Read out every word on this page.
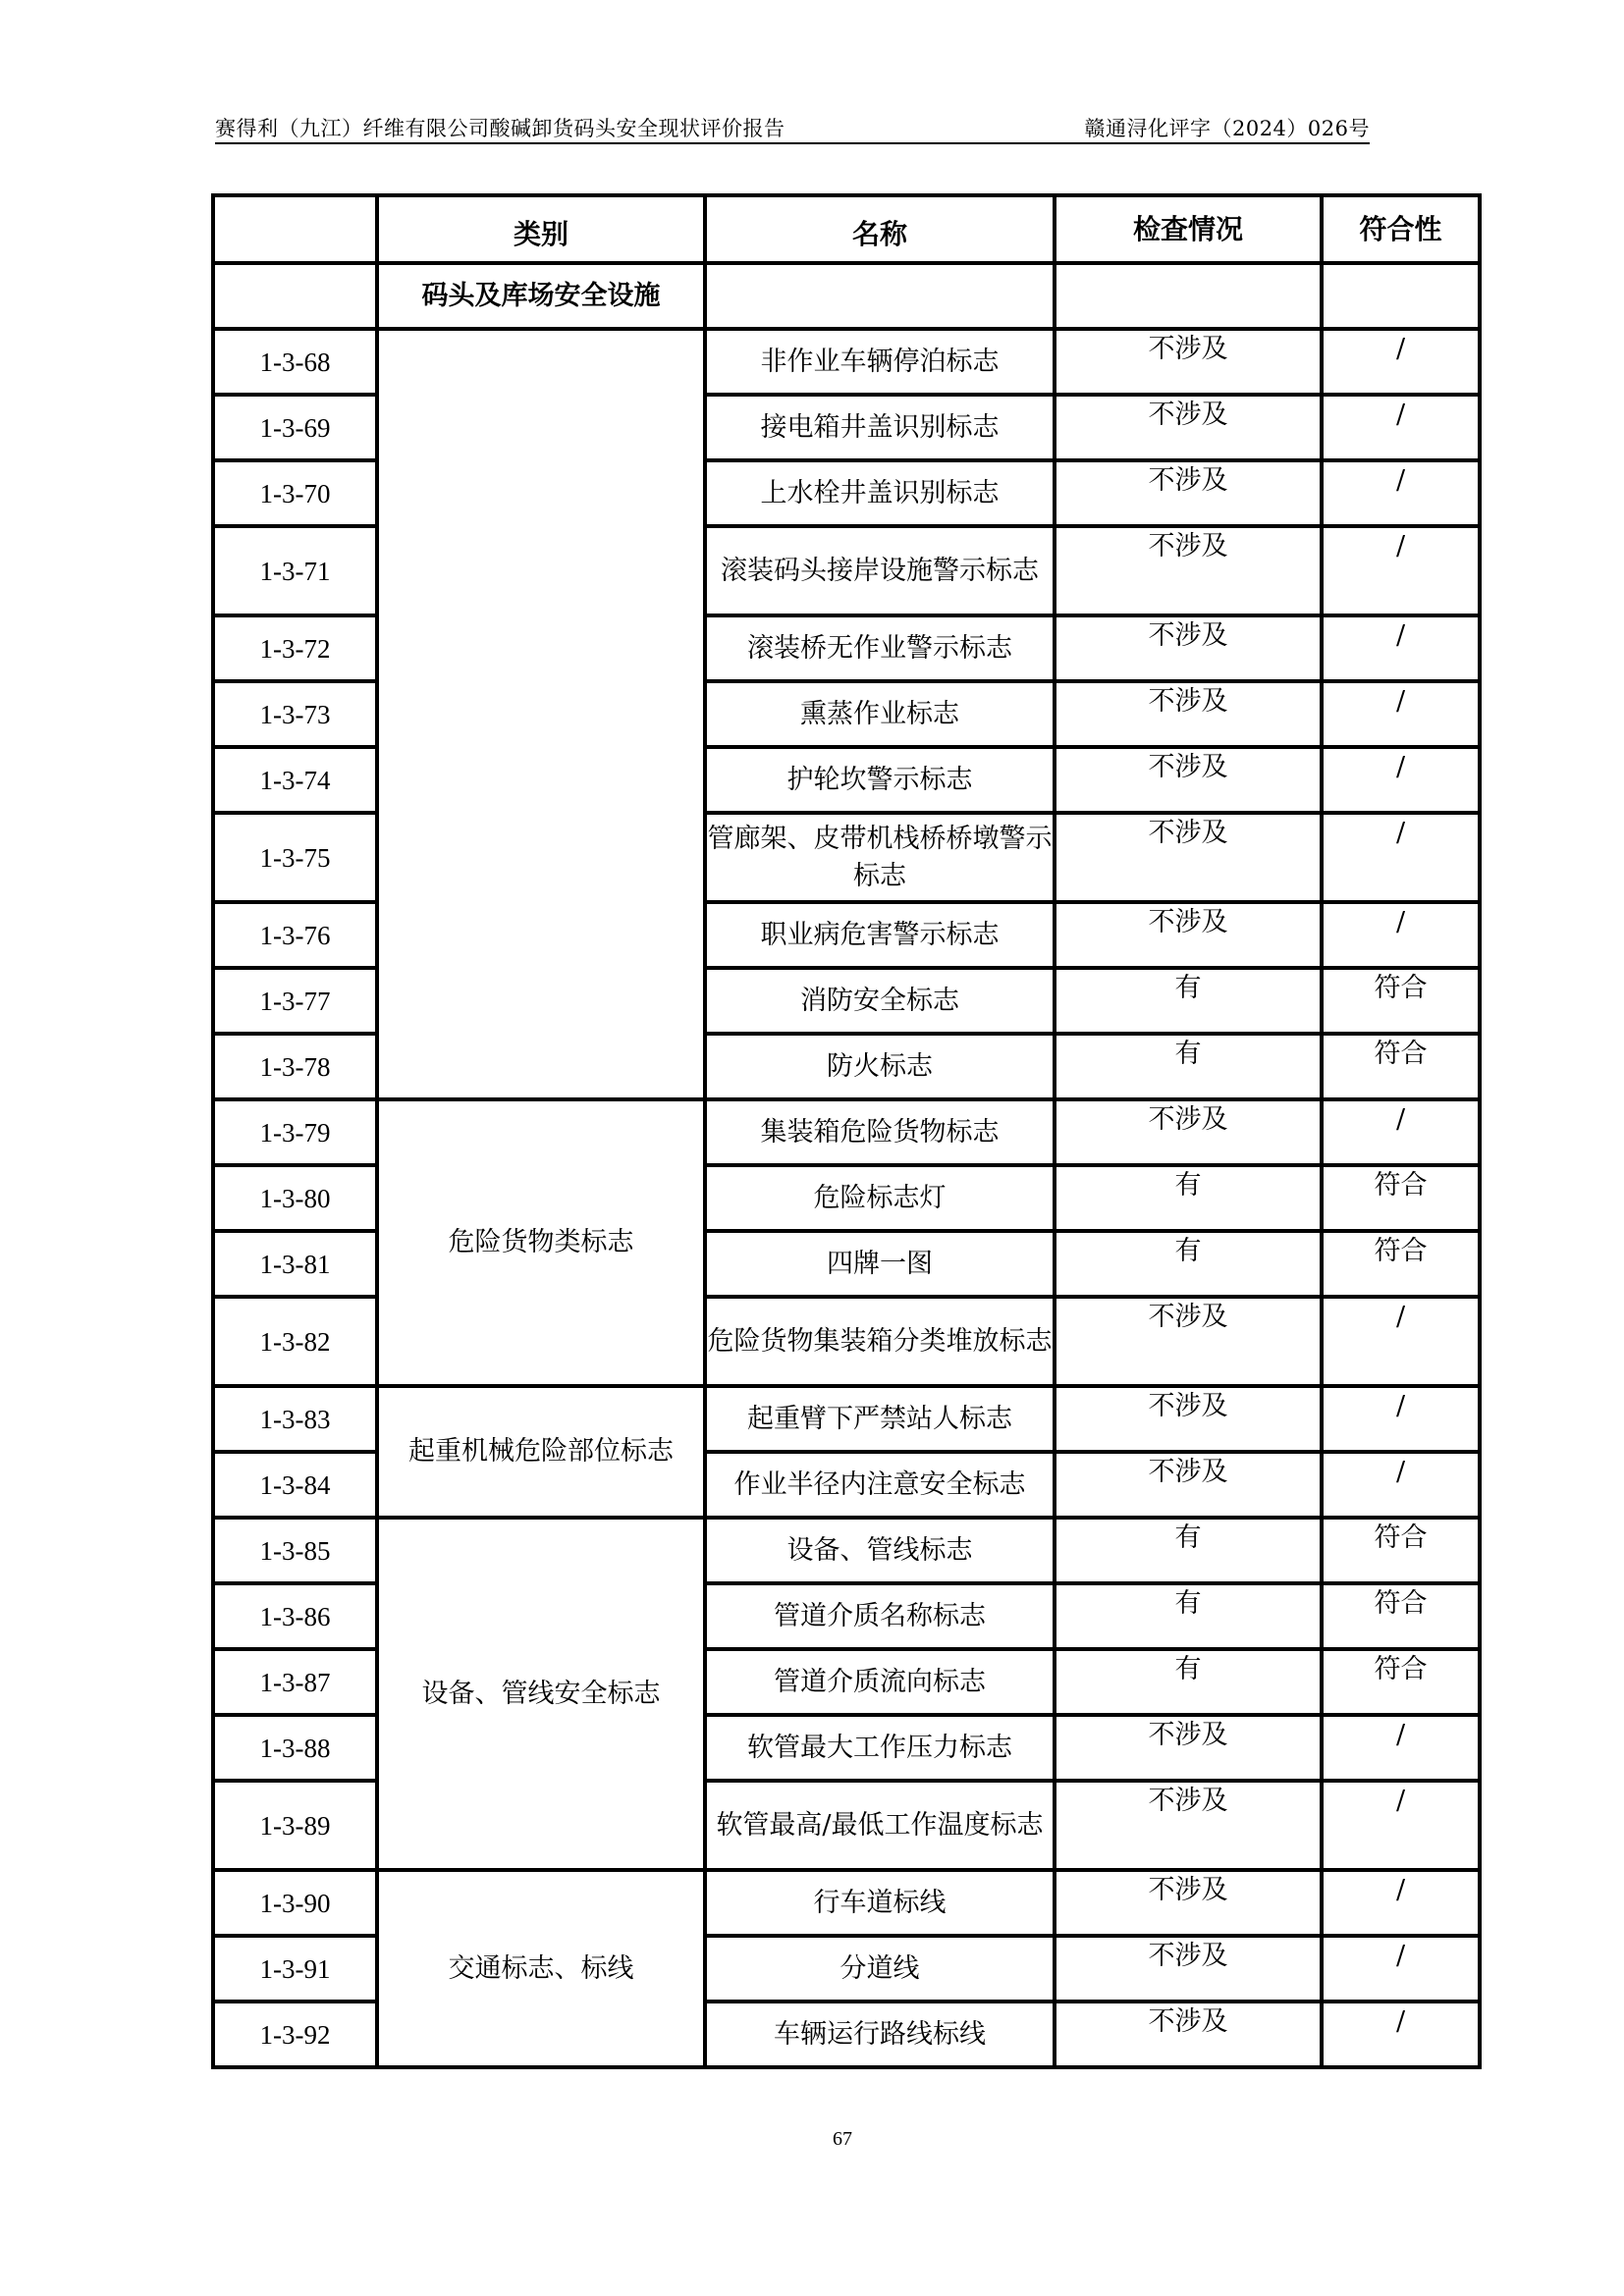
赛得利（九江）纤维有限公司酸碱卸货码头安全现状评价报告	赣通浔化评字（2024）026号
	类别	名称	检查情况	符合性
	码头及库场安全设施			
1-3-68		非作业车辆停泊标志	不涉及	/
1-3-69		接电箱井盖识别标志	不涉及	/
1-3-70		上水栓井盖识别标志	不涉及	/
1-3-71		滚装码头接岸设施警示标志	不涉及	/
1-3-72		滚装桥无作业警示标志	不涉及	/
1-3-73		熏蒸作业标志	不涉及	/
1-3-74		护轮坎警示标志	不涉及	/
1-3-75		管廊架、皮带机栈桥桥墩警示标志	不涉及	/
1-3-76		职业病危害警示标志	不涉及	/
1-3-77		消防安全标志	有	符合
1-3-78		防火标志	有	符合
1-3-79	危险货物类标志	集装箱危险货物标志	不涉及	/
1-3-80		危险标志灯	有	符合
1-3-81		四牌一图	有	符合
1-3-82		危险货物集装箱分类堆放标志	不涉及	/
1-3-83	起重机械危险部位标志	起重臂下严禁站人标志	不涉及	/
1-3-84		作业半径内注意安全标志	不涉及	/
1-3-85	设备、管线安全标志	设备、管线标志	有	符合
1-3-86		管道介质名称标志	有	符合
1-3-87		管道介质流向标志	有	符合
1-3-88		软管最大工作压力标志	不涉及	/
1-3-89		软管最高/最低工作温度标志	不涉及	/
1-3-90	交通标志、标线	行车道标线	不涉及	/
1-3-91		分道线	不涉及	/
1-3-92		车辆运行路线标线	不涉及	/
67
